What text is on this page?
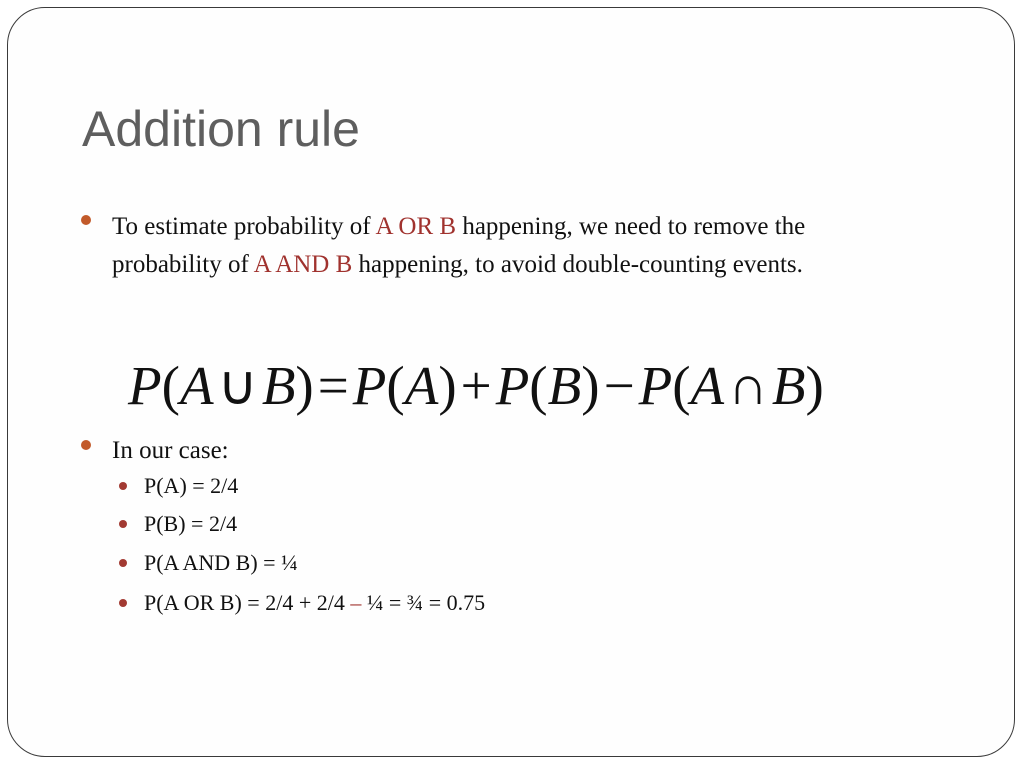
Addition rule
To estimate probability of A OR B happening, we need to remove the probability of A AND B happening, to avoid double-counting events.
P(A∪B)=P(A)+P(B)−P(A∩B)
In our case:
P(A) = 2/4
P(B) = 2/4
P(A AND B) = ¼
P(A OR B) = 2/4 + 2/4 – ¼ = ¾ = 0.75
